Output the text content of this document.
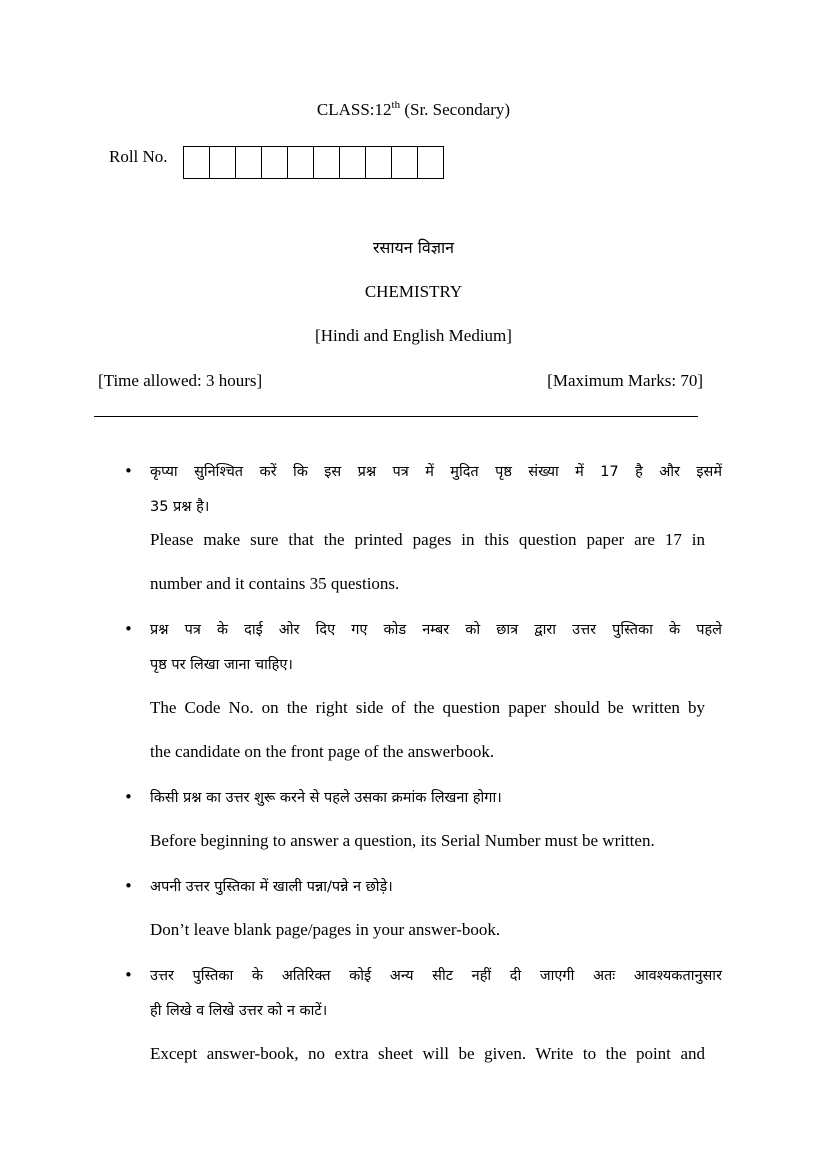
CLASS:12th (Sr. Secondary)
Roll No.
रसायन विज्ञान
CHEMISTRY
[Hindi and English Medium]
[Time allowed: 3 hours]	[Maximum Marks: 70]
• कृप्या सुनिश्चित करें कि इस प्रश्न पत्र में मुदित पृष्ठ संख्या में 17 है और इसमें
35 प्रश्न है।
Please make sure that the printed pages in this question paper are 17 in
number and it contains 35 questions.
• प्रश्न पत्र के दाई ओर दिए गए कोड नम्बर को छात्र द्वारा उत्तर पुस्तिका के पहले
पृष्ठ पर लिखा जाना चाहिए।
The Code No. on the right side of the question paper should be written by
the candidate on the front page of the answerbook.
• किसी प्रश्न का उत्तर शुरू करने से पहले उसका क्रमांक लिखना होगा।
Before beginning to answer a question, its Serial Number must be written.
• अपनी उत्तर पुस्तिका में खाली पन्ना/पन्ने न छोड़े।
Don’t leave blank page/pages in your answer-book.
• उत्तर पुस्तिका के अतिरिक्त कोई अन्य सीट नहीं दी जाएगी अतः आवश्यकतानुसार
ही लिखे व लिखे उत्तर को न काटें।
Except answer-book, no extra sheet will be given. Write to the point and
